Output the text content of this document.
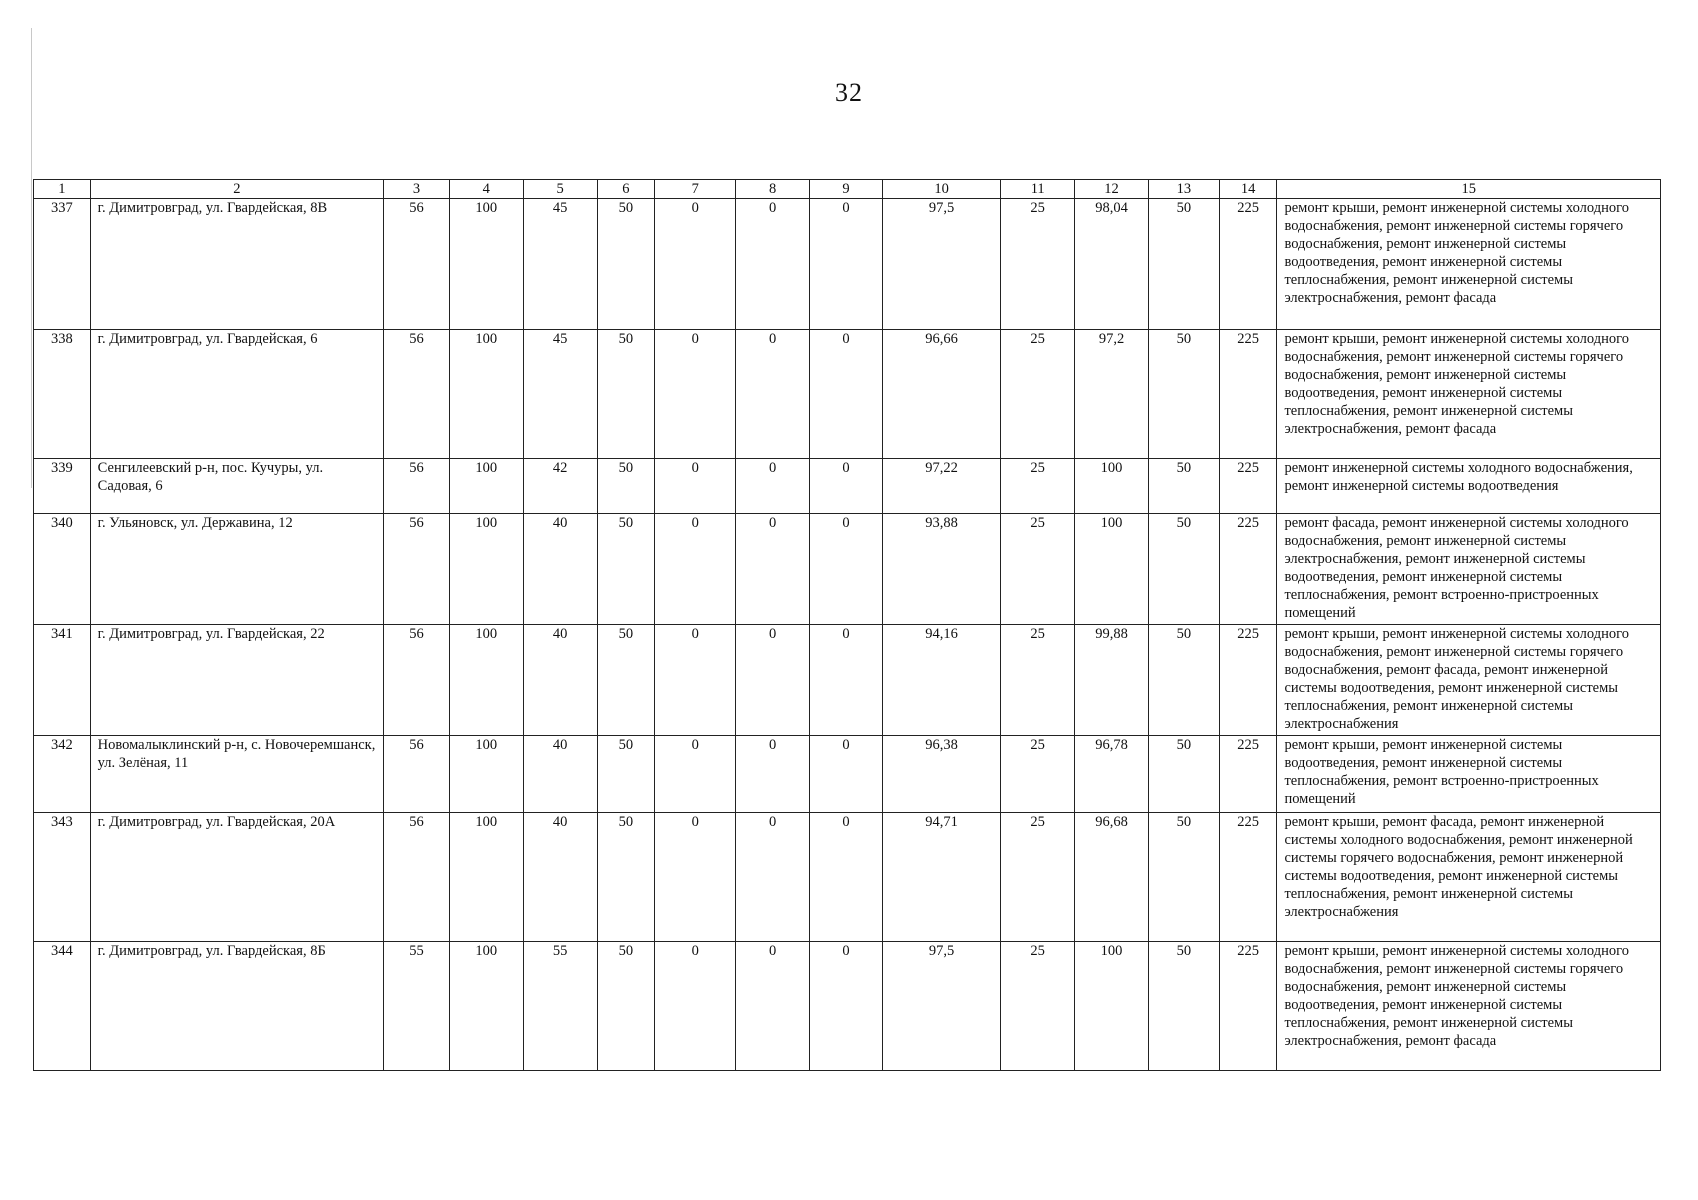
32
1	2	3	4	5	6	7	8	9	10	11	12	13	14	15
337	г. Димитровград, ул. Гвардейская, 8В	56	100	45	50	0	0	0	97,5	25	98,04	50	225	ремонт крыши, ремонт инженерной системы холодного водоснабжения, ремонт инженерной системы горячего водоснабжения, ремонт инженерной системы водоотведения, ремонт инженерной системы теплоснабжения, ремонт инженерной системы электроснабжения, ремонт фасада
338	г. Димитровград, ул. Гвардейская, 6	56	100	45	50	0	0	0	96,66	25	97,2	50	225	ремонт крыши, ремонт инженерной системы холодного водоснабжения, ремонт инженерной системы горячего водоснабжения, ремонт инженерной системы водоотведения, ремонт инженерной системы теплоснабжения, ремонт инженерной системы электроснабжения, ремонт фасада
339	Сенгилеевский р-н, пос. Кучуры, ул. Садовая, 6	56	100	42	50	0	0	0	97,22	25	100	50	225	ремонт инженерной системы холодного водоснабжения, ремонт инженерной системы водоотведения
340	г. Ульяновск, ул. Державина, 12	56	100	40	50	0	0	0	93,88	25	100	50	225	ремонт фасада, ремонт инженерной системы холодного водоснабжения, ремонт инженерной системы электроснабжения, ремонт инженерной системы водоотведения, ремонт инженерной системы теплоснабжения, ремонт встроенно-пристроенных помещений
341	г. Димитровград, ул. Гвардейская, 22	56	100	40	50	0	0	0	94,16	25	99,88	50	225	ремонт крыши, ремонт инженерной системы холодного водоснабжения, ремонт инженерной системы горячего водоснабжения, ремонт фасада, ремонт инженерной системы водоотведения, ремонт инженерной системы теплоснабжения, ремонт инженерной системы электроснабжения
342	Новомалыклинский р-н, с. Новочеремшанск, ул. Зелёная, 11	56	100	40	50	0	0	0	96,38	25	96,78	50	225	ремонт крыши, ремонт инженерной системы водоотведения, ремонт инженерной системы теплоснабжения, ремонт встроенно-пристроенных помещений
343	г. Димитровград, ул. Гвардейская, 20А	56	100	40	50	0	0	0	94,71	25	96,68	50	225	ремонт крыши, ремонт фасада, ремонт инженерной системы холодного водоснабжения, ремонт инженерной системы горячего водоснабжения, ремонт инженерной системы водоотведения, ремонт инженерной системы теплоснабжения, ремонт инженерной системы электроснабжения
344	г. Димитровград, ул. Гвардейская, 8Б	55	100	55	50	0	0	0	97,5	25	100	50	225	ремонт крыши, ремонт инженерной системы холодного водоснабжения, ремонт инженерной системы горячего водоснабжения, ремонт инженерной системы водоотведения, ремонт инженерной системы теплоснабжения, ремонт инженерной системы электроснабжения, ремонт фасада
